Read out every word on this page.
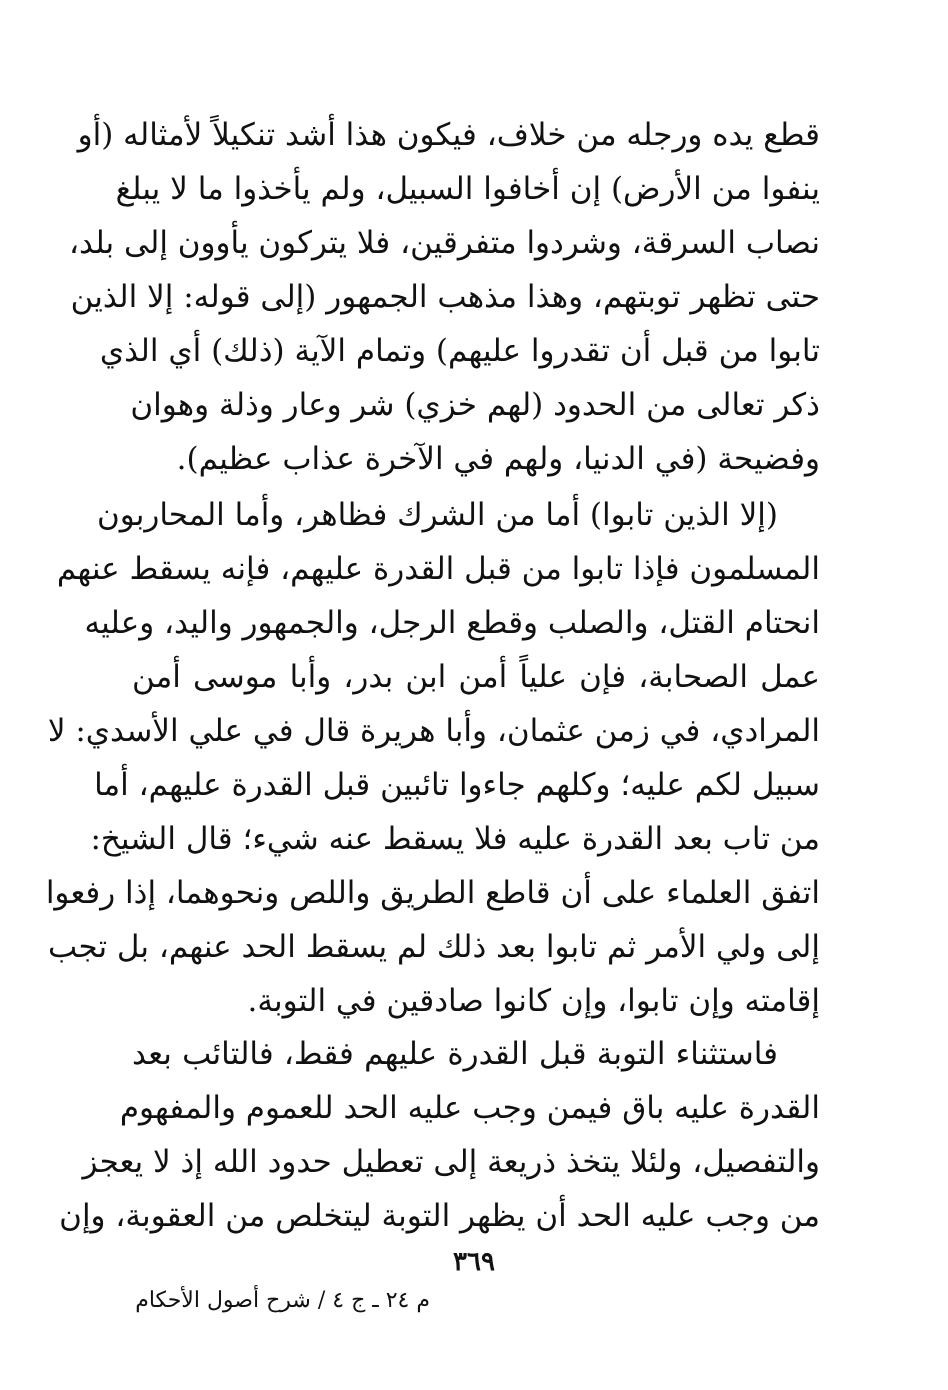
قطع يده ورجله من خلاف، فيكون هذا أشد تنكيلاً لأمثاله (أو
ينفوا من الأرض) إن أخافوا السبيل، ولم يأخذوا ما لا يبلغ
نصاب السرقة، وشردوا متفرقين، فلا يتركون يأوون إلى بلد،
حتى تظهر توبتهم، وهذا مذهب الجمهور (إلى قوله: إلا الذين
تابوا من قبل أن تقدروا عليهم) وتمام الآية (ذلك) أي الذي
ذكر تعالى من الحدود (لهم خزي) شر وعار وذلة وهوان
وفضيحة (في الدنيا، ولهم في الآخرة عذاب عظيم).
(إلا الذين تابوا) أما من الشرك فظاهر، وأما المحاربون
المسلمون فإذا تابوا من قبل القدرة عليهم، فإنه يسقط عنهم
انحتام القتل، والصلب وقطع الرجل، والجمهور واليد، وعليه
عمل الصحابة، فإن علياً أمن ابن بدر، وأبا موسى أمن
المرادي، في زمن عثمان، وأبا هريرة قال في علي الأسدي: لا
سبيل لكم عليه؛ وكلهم جاءوا تائبين قبل القدرة عليهم، أما
من تاب بعد القدرة عليه فلا يسقط عنه شيء؛ قال الشيخ:
اتفق العلماء على أن قاطع الطريق واللص ونحوهما، إذا رفعوا
إلى ولي الأمر ثم تابوا بعد ذلك لم يسقط الحد عنهم، بل تجب
إقامته وإن تابوا، وإن كانوا صادقين في التوبة.
فاستثناء التوبة قبل القدرة عليهم فقط، فالتائب بعد
القدرة عليه باق فيمن وجب عليه الحد للعموم والمفهوم
والتفصيل، ولئلا يتخذ ذريعة إلى تعطيل حدود الله إذ لا يعجز
من وجب عليه الحد أن يظهر التوبة ليتخلص من العقوبة، وإن
٣٦٩
م ٢٤ ـ ج ٤ / شرح أصول الأحكام
